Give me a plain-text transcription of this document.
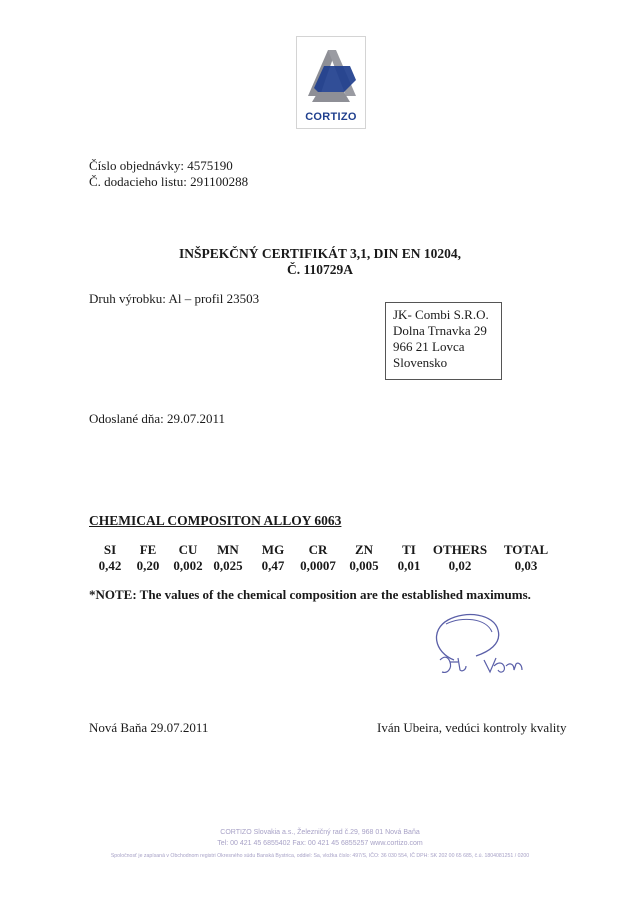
CORTIZO
Číslo objednávky: 4575190
Č. dodacieho listu: 291100288
INŠPEKČNÝ CERTIFIKÁT 3,1, DIN EN 10204,
Č. 110729A
Druh výrobku: Al – profil 23503
JK- Combi S.R.O.
Dolna Trnavka 29
966 21 Lovca
Slovensko
Odoslané dňa: 29.07.2011
CHEMICAL COMPOSITON ALLOY 6063
SI
0,42
FE
0,20
CU
0,002
MN
0,025
MG
0,47
CR
0,0007
ZN
0,005
TI
0,01
OTHERS
0,02
TOTAL
0,03
*NOTE: The values of the chemical composition are the established maximums.
Nová Baňa 29.07.2011	Iván Ubeira, vedúci kontroly kvality
CORTIZO Slovakia a.s., Železničný rad č.29, 968 01 Nová Baňa
Tel: 00 421 45 6855402 Fax: 00 421 45 6855257 www.cortizo.com
Spoločnosť je zapísaná v Obchodnom registri Okresného súdu Banská Bystrica, oddiel: Sa, vložka číslo: 497/S, IČO: 36 030 554, IČ DPH: SK 202 00 65 685, č.ú. 1804081251 / 0200
